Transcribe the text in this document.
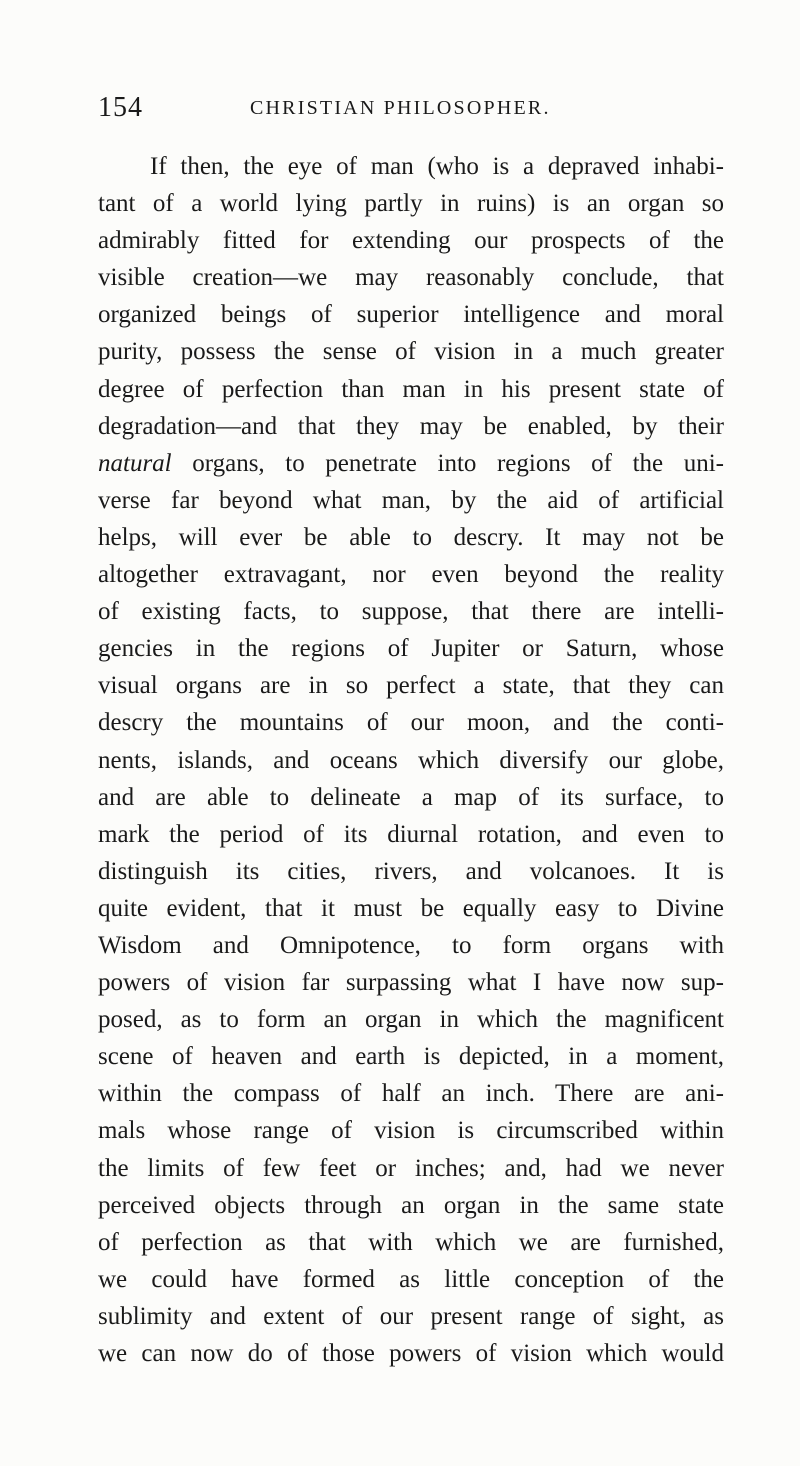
154	CHRISTIAN PHILOSOPHER.
If then, the eye of man (who is a depraved inhabi-
tant of a world lying partly in ruins) is an organ so
admirably fitted for extending our prospects of the
visible creation—we may reasonably conclude, that
organized beings of superior intelligence and moral
purity, possess the sense of vision in a much greater
degree of perfection than man in his present state of
degradation—and that they may be enabled, by their
natural organs, to penetrate into regions of the uni-
verse far beyond what man, by the aid of artificial
helps, will ever be able to descry. It may not be
altogether extravagant, nor even beyond the reality
of existing facts, to suppose, that there are intelli-
gencies in the regions of Jupiter or Saturn, whose
visual organs are in so perfect a state, that they can
descry the mountains of our moon, and the conti-
nents, islands, and oceans which diversify our globe,
and are able to delineate a map of its surface, to
mark the period of its diurnal rotation, and even to
distinguish its cities, rivers, and volcanoes. It is
quite evident, that it must be equally easy to Divine
Wisdom and Omnipotence, to form organs with
powers of vision far surpassing what I have now sup-
posed, as to form an organ in which the magnificent
scene of heaven and earth is depicted, in a moment,
within the compass of half an inch. There are ani-
mals whose range of vision is circumscribed within
the limits of few feet or inches; and, had we never
perceived objects through an organ in the same state
of perfection as that with which we are furnished,
we could have formed as little conception of the
sublimity and extent of our present range of sight, as
we can now do of those powers of vision which would
